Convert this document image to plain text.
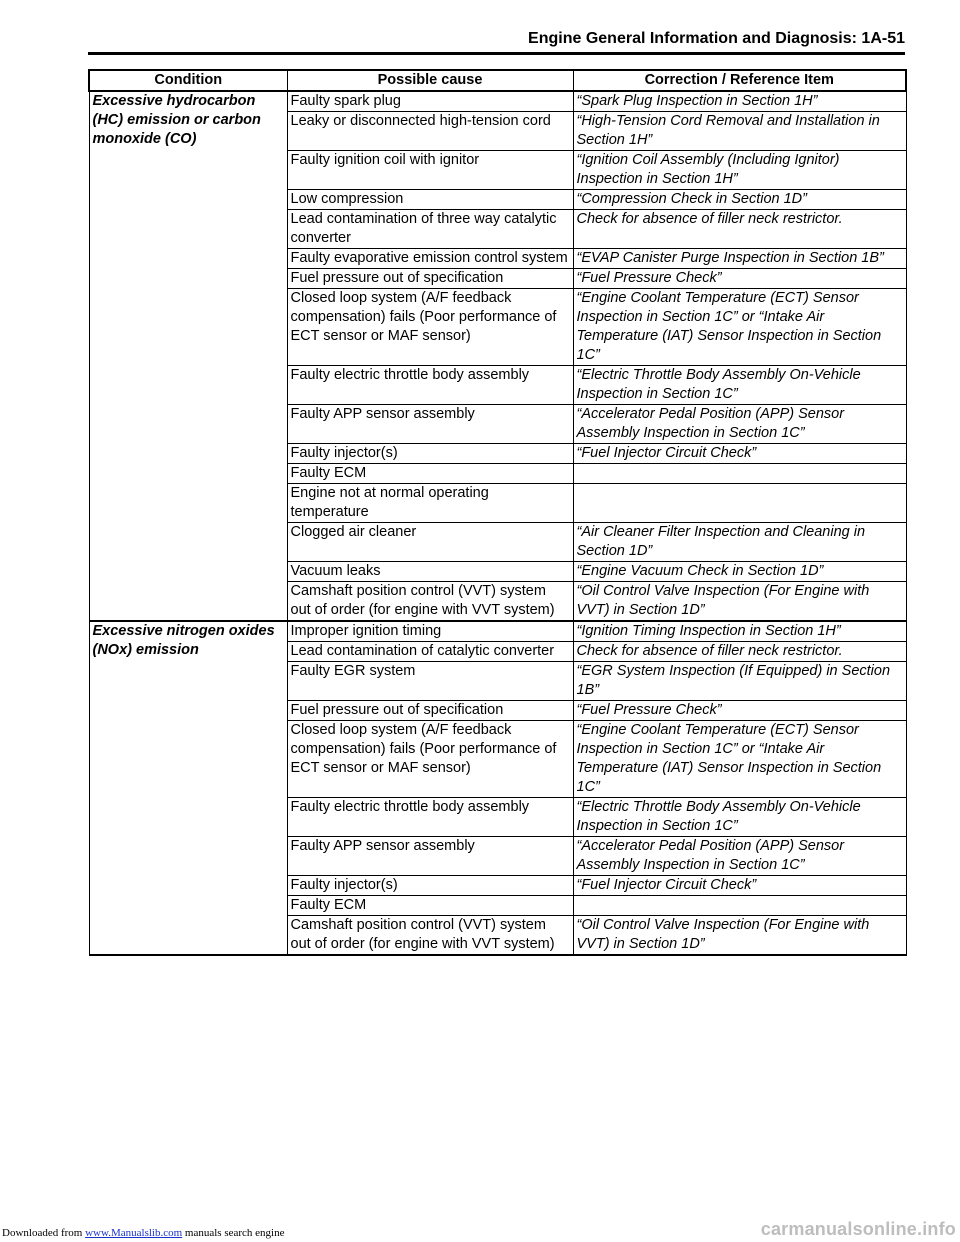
Engine General Information and Diagnosis: 1A-51
Condition	Possible cause	Correction / Reference Item
Excessive hydrocarbon (HC) emission or carbon monoxide (CO)	Faulty spark plug	“Spark Plug Inspection in Section 1H”
	Leaky or disconnected high-tension cord	“High-Tension Cord Removal and Installation in Section 1H”
	Faulty ignition coil with ignitor	“Ignition Coil Assembly (Including Ignitor) Inspection in Section 1H”
	Low compression	“Compression Check in Section 1D”
	Lead contamination of three way catalytic converter	Check for absence of filler neck restrictor.
	Faulty evaporative emission control system	“EVAP Canister Purge Inspection in Section 1B”
	Fuel pressure out of specification	“Fuel Pressure Check”
	Closed loop system (A/F feedback compensation) fails (Poor performance of ECT sensor or MAF sensor)	“Engine Coolant Temperature (ECT) Sensor Inspection in Section 1C” or “Intake Air Temperature (IAT) Sensor Inspection in Section 1C”
	Faulty electric throttle body assembly	“Electric Throttle Body Assembly On-Vehicle Inspection in Section 1C”
	Faulty APP sensor assembly	“Accelerator Pedal Position (APP) Sensor Assembly Inspection in Section 1C”
	Faulty injector(s)	“Fuel Injector Circuit Check”
	Faulty ECM	
	Engine not at normal operating temperature	
	Clogged air cleaner	“Air Cleaner Filter Inspection and Cleaning in Section 1D”
	Vacuum leaks	“Engine Vacuum Check in Section 1D”
	Camshaft position control (VVT) system out of order (for engine with VVT system)	“Oil Control Valve Inspection (For Engine with VVT) in Section 1D”
Excessive nitrogen oxides (NOx) emission	Improper ignition timing	“Ignition Timing Inspection in Section 1H”
	Lead contamination of catalytic converter	Check for absence of filler neck restrictor.
	Faulty EGR system	“EGR System Inspection (If Equipped) in Section 1B”
	Fuel pressure out of specification	“Fuel Pressure Check”
	Closed loop system (A/F feedback compensation) fails (Poor performance of ECT sensor or MAF sensor)	“Engine Coolant Temperature (ECT) Sensor Inspection in Section 1C” or “Intake Air Temperature (IAT) Sensor Inspection in Section 1C”
	Faulty electric throttle body assembly	“Electric Throttle Body Assembly On-Vehicle Inspection in Section 1C”
	Faulty APP sensor assembly	“Accelerator Pedal Position (APP) Sensor Assembly Inspection in Section 1C”
	Faulty injector(s)	“Fuel Injector Circuit Check”
	Faulty ECM	
	Camshaft position control (VVT) system out of order (for engine with VVT system)	“Oil Control Valve Inspection (For Engine with VVT) in Section 1D”
Downloaded from www.Manualslib.com manuals search engine	carmanualsonline.info
